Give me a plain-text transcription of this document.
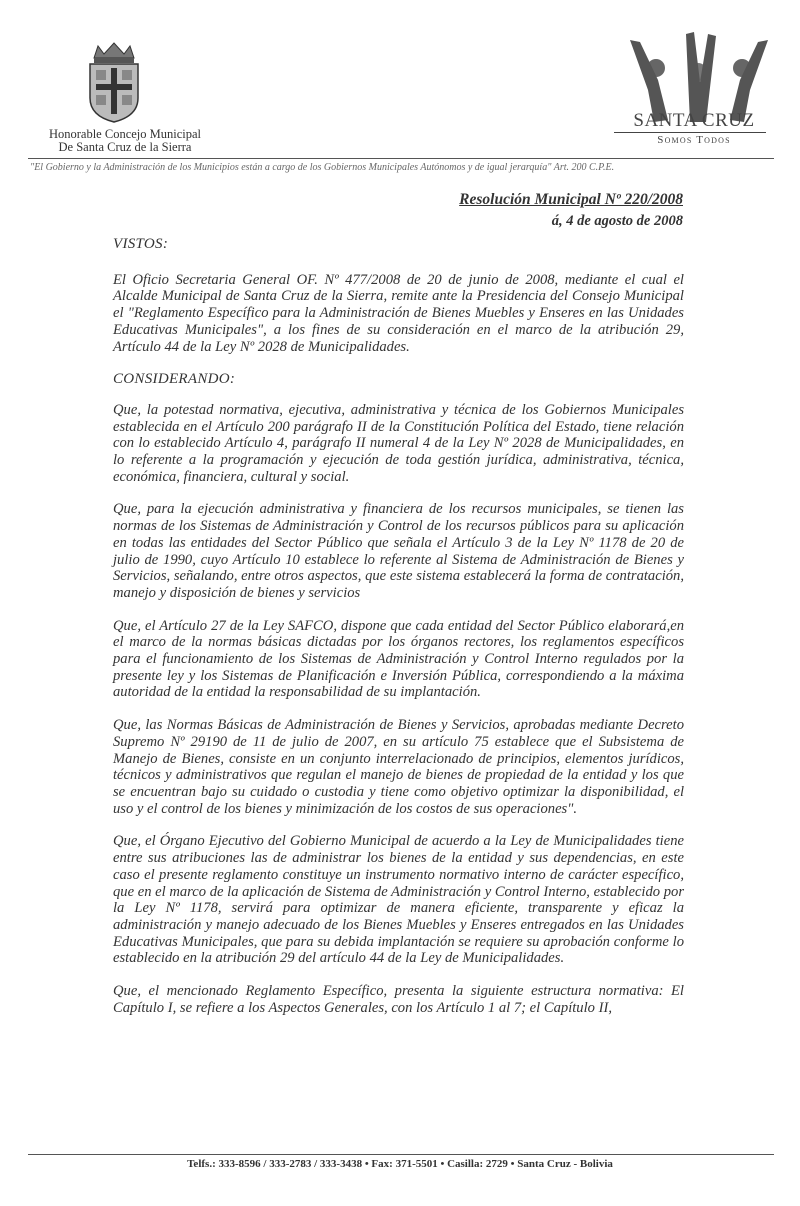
Honorable Concejo Municipal
De Santa Cruz de la Sierra
SANTA CRUZ
Somos Todos
"El Gobierno y la Administración de los Municipios están a cargo de los Gobiernos Municipales Autónomos y de igual jerarquía" Art. 200 C.P.E.
Resolución Municipal Nº 220/2008
á, 4 de agosto de 2008
VISTOS:

El Oficio Secretaria General OF. Nº 477/2008 de 20 de junio de 2008, mediante el cual el Alcalde Municipal de Santa Cruz de la Sierra, remite ante la Presidencia del Consejo Municipal el "Reglamento Específico para la Administración de Bienes Muebles y Enseres en las Unidades Educativas Municipales", a los fines de su consideración en el marco de la atribución 29, Artículo 44 de la Ley Nº 2028 de Municipalidades.

CONSIDERANDO:

Que, la potestad normativa, ejecutiva, administrativa y técnica de los Gobiernos Municipales establecida en el Artículo 200 parágrafo II de la Constitución Política del Estado, tiene relación con lo establecido Artículo 4, parágrafo II numeral 4 de la Ley Nº 2028 de Municipalidades, en lo referente a la programación y ejecución de toda gestión jurídica, administrativa, técnica, económica, financiera, cultural y social.

Que, para la ejecución administrativa y financiera de los recursos municipales, se tienen las normas de los Sistemas de Administración y Control de los recursos públicos para su aplicación en todas las entidades del Sector Público que señala el Artículo 3 de la Ley Nº 1178 de 20 de julio de 1990, cuyo Artículo 10 establece lo referente al Sistema de Administración de Bienes y Servicios, señalando, entre otros aspectos, que este sistema establecerá la forma de contratación, manejo y disposición de bienes y servicios

Que, el Artículo 27 de la Ley SAFCO, dispone que cada entidad del Sector Público elaborará,en el marco de la normas básicas dictadas por los órganos rectores, los reglamentos específicos para el funcionamiento de los Sistemas de Administración y Control Interno regulados por la presente ley y los Sistemas de Planificación e Inversión Pública, correspondiendo a la máxima autoridad de la entidad la responsabilidad de su implantación.

Que, las Normas Básicas de Administración de Bienes y Servicios, aprobadas mediante Decreto Supremo Nº 29190 de 11 de julio de 2007, en su artículo 75 establece que el Subsistema de Manejo de Bienes, consiste en un conjunto interrelacionado de principios, elementos jurídicos, técnicos y administrativos que regulan el manejo de bienes de propiedad de la entidad y los que se encuentran bajo su cuidado o custodia y tiene como objetivo optimizar la disponibilidad, el uso y el control de los bienes y minimización de los costos de sus operaciones".

Que, el Órgano Ejecutivo del Gobierno Municipal de acuerdo a la Ley de Municipalidades tiene entre sus atribuciones las de administrar los bienes de la entidad y sus dependencias, en este caso el presente reglamento constituye un instrumento normativo interno de carácter específico, que en el marco de la aplicación de Sistema de Administración y Control Interno, establecido por la Ley Nº 1178, servirá para optimizar de manera eficiente, transparente y eficaz la administración y manejo adecuado de los Bienes Muebles y Enseres entregados en las Unidades Educativas Municipales, que para su debida implantación se requiere su aprobación conforme lo establecido en la atribución 29 del artículo 44 de la Ley de Municipalidades.

Que, el mencionado Reglamento Específico, presenta la siguiente estructura normativa: El Capítulo I, se refiere a los Aspectos Generales, con los Artículo 1 al 7; el Capítulo II,

Telfs.: 333-8596 / 333-2783 / 333-3438 • Fax: 371-5501 • Casilla: 2729 • Santa Cruz - Bolivia
